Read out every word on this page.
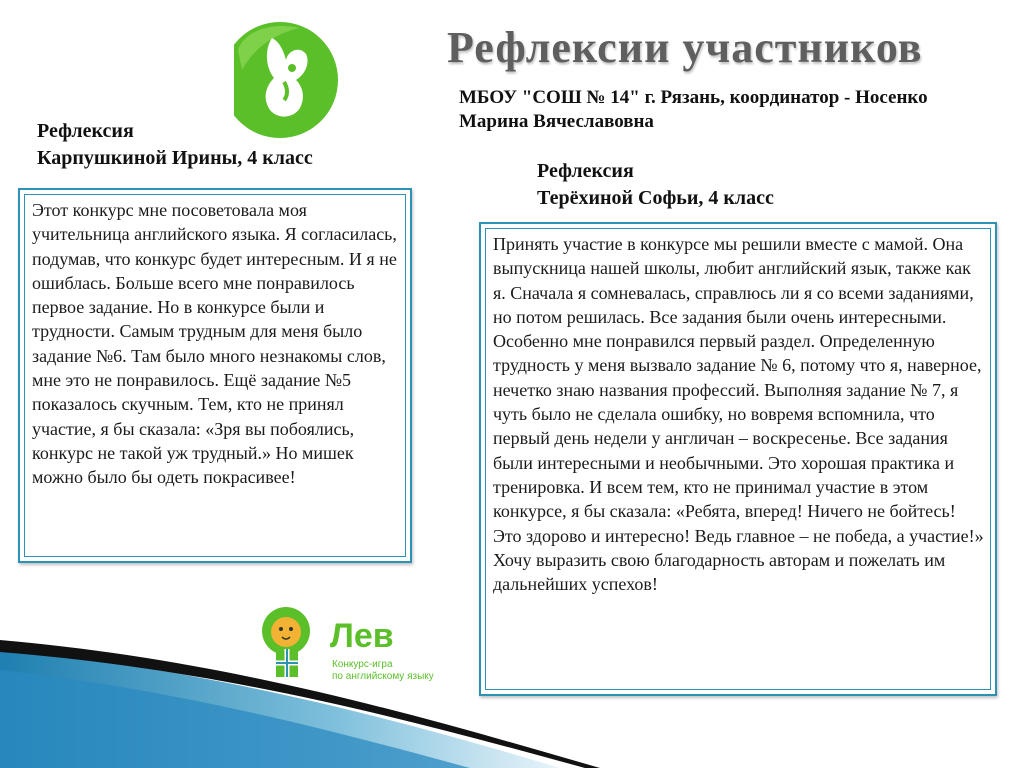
Рефлексии участников
МБОУ "СОШ № 14" г. Рязань, координатор - Носенко Марина Вячеславовна
Рефлексия
Карпушкиной Ирины, 4 класс
Этот конкурс мне посоветовала моя учительница английского языка. Я согласилась, подумав, что конкурс будет интересным. И я не ошиблась. Больше всего мне понравилось первое задание. Но в конкурсе были и трудности. Самым трудным для меня было задание №6. Там было много незнакомы слов, мне это не понравилось. Ещё задание №5 показалось скучным. Тем, кто не принял участие, я бы сказала: «Зря вы побоялись, конкурс не такой уж трудный.» Но мишек можно было бы одеть покрасивее!
Рефлексия
Терёхиной Софьи, 4 класс
Принять участие в конкурсе мы решили вместе с мамой. Она выпускница нашей школы, любит английский язык, также как я. Сначала я сомневалась, справлюсь ли я со всеми заданиями, но потом решилась. Все задания были очень интересными. Особенно мне понравился первый раздел. Определенную трудность у меня вызвало задание № 6, потому что я, наверное, нечетко знаю названия профессий. Выполняя задание № 7, я чуть было не сделала ошибку, но вовремя вспомнила, что первый день недели у англичан – воскресенье. Все задания были интересными и необычными. Это хорошая практика и тренировка. И всем тем, кто не принимал участие в этом конкурсе, я бы сказала: «Ребята, вперед! Ничего не бойтесь! Это здорово и интересно! Ведь главное – не победа, а участие!» Хочу выразить свою благодарность авторам и пожелать им дальнейших успехов!
Лев
Конкурс-игра
по английскому языку
